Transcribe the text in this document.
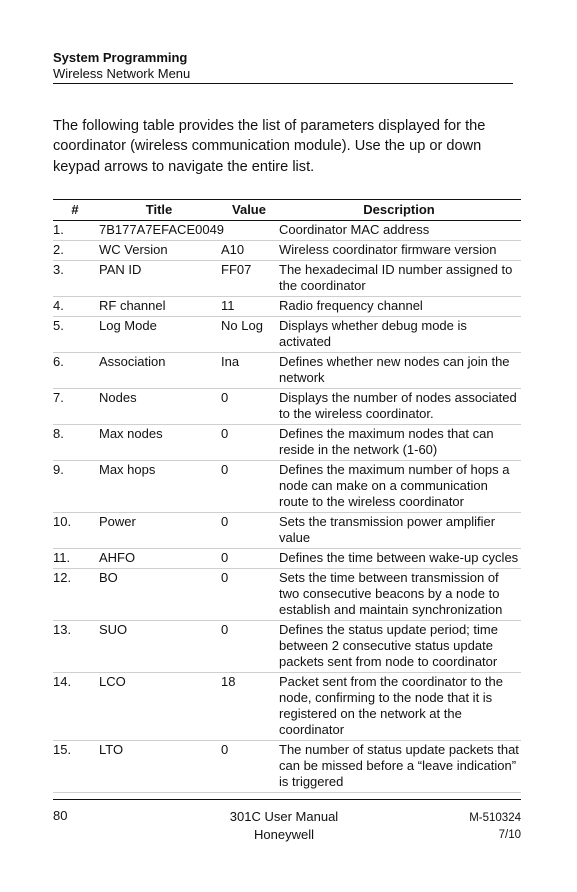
System Programming
Wireless Network Menu

The following table provides the list of parameters displayed for the coordinator (wireless communication module). Use the up or down keypad arrows to navigate the entire list.

#	Title	Value	Description
1.	7B177A7EFACE0049		Coordinator MAC address
2.	WC Version	A10	Wireless coordinator firmware version
3.	PAN ID	FF07	The hexadecimal ID number assigned to the coordinator
4.	RF channel	11	Radio frequency channel
5.	Log Mode	No Log	Displays whether debug mode is activated
6.	Association	Ina	Defines whether new nodes can join the network
7.	Nodes	0	Displays the number of nodes associated to the wireless coordinator.
8.	Max nodes	0	Defines the maximum nodes that can reside in the network (1-60)
9.	Max hops	0	Defines the maximum number of hops a node can make on a communication route to the wireless coordinator
10.	Power	0	Sets the transmission power amplifier value
11.	AHFO	0	Defines the time between wake-up cycles
12.	BO	0	Sets the time between transmission of two consecutive beacons by a node to establish and maintain synchronization
13.	SUO	0	Defines the status update period; time between 2 consecutive status update packets sent from node to coordinator
14.	LCO	18	Packet sent from the coordinator to the node, confirming to the node that it is registered on the network at the coordinator
15.	LTO	0	The number of status update packets that can be missed before a “leave indication” is triggered
80	301C User Manual
Honeywell
M-510324
7/10
